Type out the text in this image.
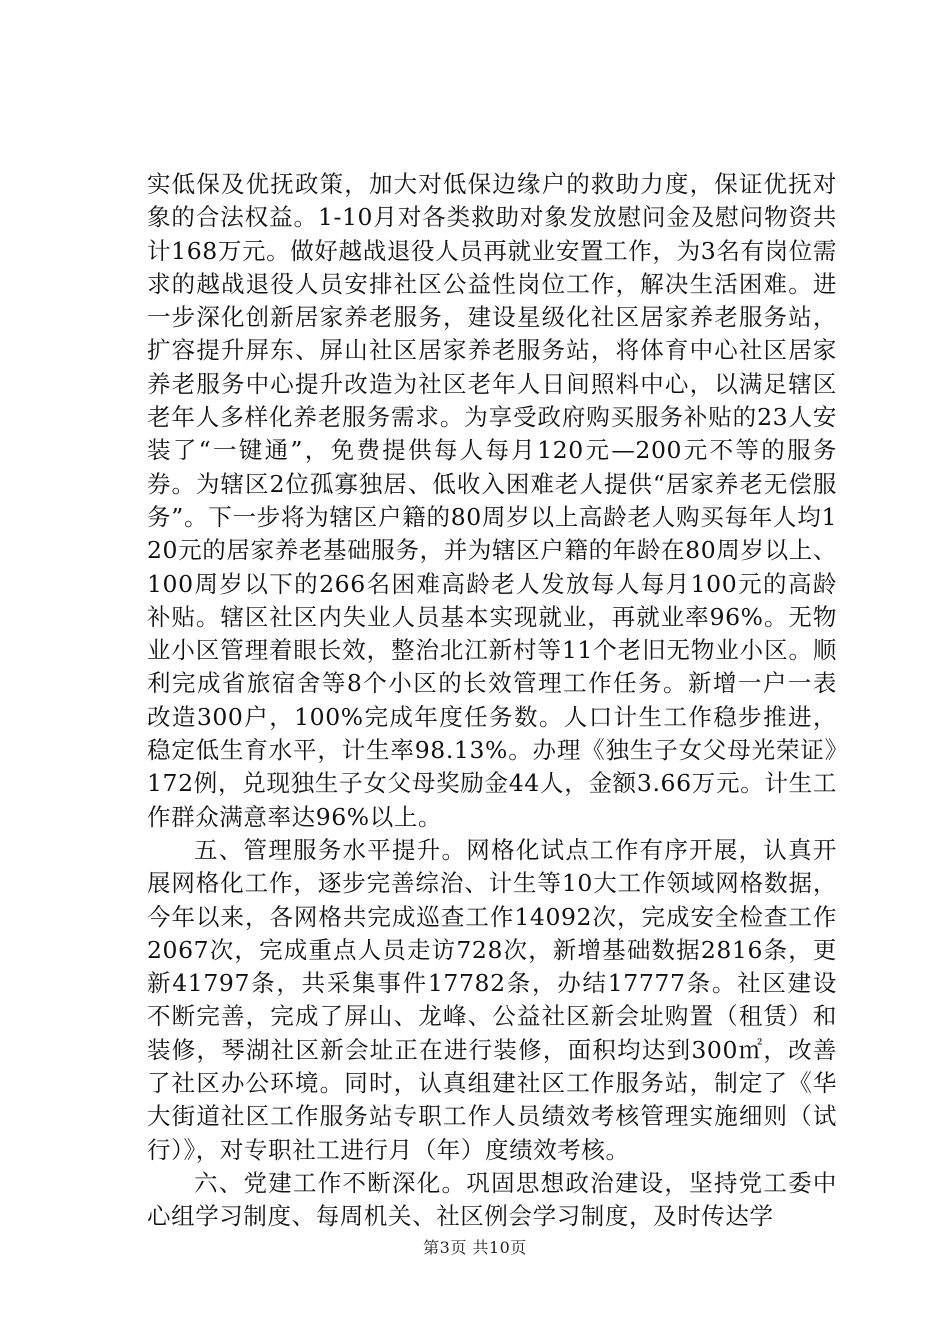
实低保及优抚政策，加大对低保边缘户的救助力度，保证优抚对象的合法权益。1-10月对各类救助对象发放慰问金及慰问物资共计168万元。做好越战退役人员再就业安置工作，为3名有岗位需求的越战退役人员安排社区公益性岗位工作，解决生活困难。进一步深化创新居家养老服务，建设星级化社区居家养老服务站，扩容提升屏东、屏山社区居家养老服务站，将体育中心社区居家养老服务中心提升改造为社区老年人日间照料中心，以满足辖区老年人多样化养老服务需求。为享受政府购买服务补贴的23人安装了“一键通”，免费提供每人每月120元—200元不等的服务券。为辖区2位孤寡独居、低收入困难老人提供“居家养老无偿服务”。下一步将为辖区户籍的80周岁以上高龄老人购买每年人均120元的居家养老基础服务，并为辖区户籍的年龄在80周岁以上、100周岁以下的266名困难高龄老人发放每人每月100元的高龄补贴。辖区社区内失业人员基本实现就业，再就业率96%。无物业小区管理着眼长效，整治北江新村等11个老旧无物业小区。顺利完成省旅宿舍等8个小区的长效管理工作任务。新增一户一表改造300户，100%完成年度任务数。人口计生工作稳步推进，稳定低生育水平，计生率98.13%。办理《独生子女父母光荣证》172例，兑现独生子女父母奖励金44人，金额3.66万元。计生工作群众满意率达96%以上。

五、管理服务水平提升。网格化试点工作有序开展，认真开展网格化工作，逐步完善综治、计生等10大工作领域网格数据，今年以来，各网格共完成巡查工作14092次，完成安全检查工作2067次，完成重点人员走访728次，新增基础数据2816条，更新41797条，共采集事件17782条，办结17777条。社区建设不断完善，完成了屏山、龙峰、公益社区新会址购置（租赁）和装修，琴湖社区新会址正在进行装修，面积均达到300㎡，改善了社区办公环境。同时，认真组建社区工作服务站，制定了《华大街道社区工作服务站专职工作人员绩效考核管理实施细则（试行）》，对专职社工进行月（年）度绩效考核。

六、党建工作不断深化。巩固思想政治建设，坚持党工委中心组学习制度、每周机关、社区例会学习制度，及时传达学

第3页 共10页
